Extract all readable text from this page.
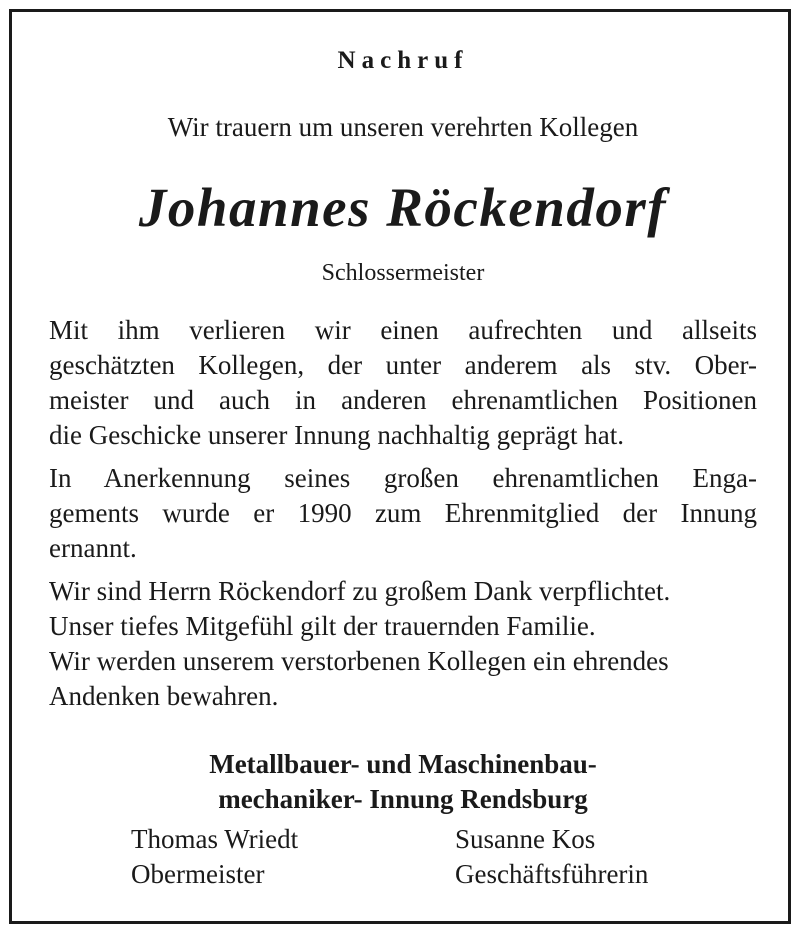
Nachruf
Wir trauern um unseren verehrten Kollegen
Johannes Röckendorf
Schlossermeister

Mit ihm verlieren wir einen aufrechten und allseits
geschätzten Kollegen, der unter anderem als stv. Ober-
meister und auch in anderen ehrenamtlichen Positionen
die Geschicke unserer Innung nachhaltig geprägt hat.

In Anerkennung seines großen ehrenamtlichen Enga-
gements wurde er 1990 zum Ehrenmitglied der Innung
ernannt.

Wir sind Herrn Röckendorf zu großem Dank verpflichtet.
Unser tiefes Mitgefühl gilt der trauernden Familie.
Wir werden unserem verstorbenen Kollegen ein ehrendes
Andenken bewahren.

Metallbauer- und Maschinenbau-
mechaniker- Innung Rendsburg
Thomas Wriedt
Obermeister
Susanne Kos
Geschäftsführerin
